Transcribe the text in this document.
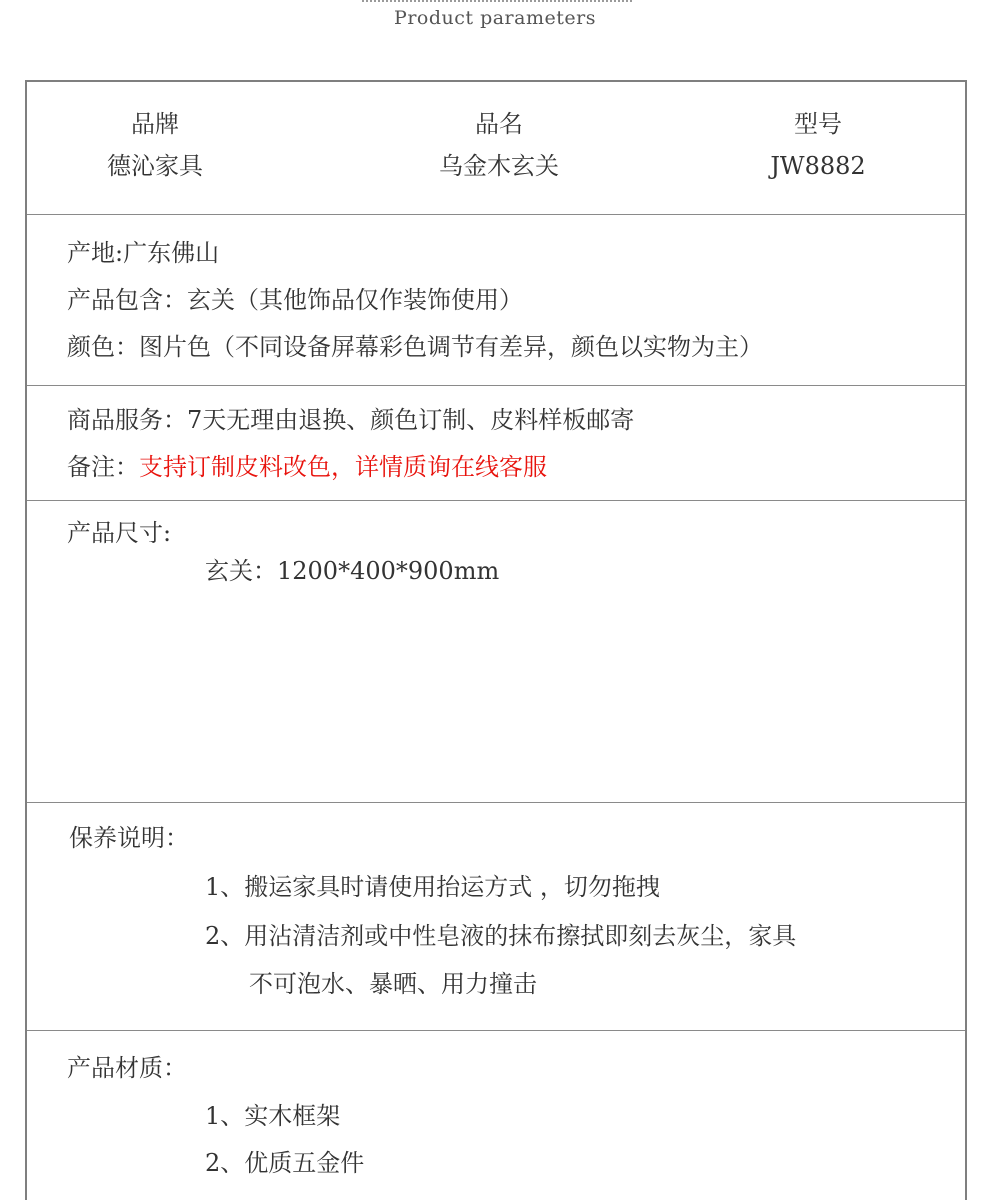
Product parameters
品牌
德沁家具
品名
乌金木玄关
型号
JW8882
产地:广东佛山
产品包含：玄关（其他饰品仅作装饰使用）
颜色：图片色（不同设备屏幕彩色调节有差异，颜色以实物为主）
商品服务：7天无理由退换、颜色订制、皮料样板邮寄
备注：支持订制皮料改色，详情质询在线客服
产品尺寸:
玄关：1200*400*900mm
保养说明：
1、搬运家具时请使用抬运方式 ，切勿拖拽
2、用沾清洁剂或中性皂液的抹布擦拭即刻去灰尘，家具
不可泡水、暴晒、用力撞击
产品材质：
1、实木框架
2、优质五金件
